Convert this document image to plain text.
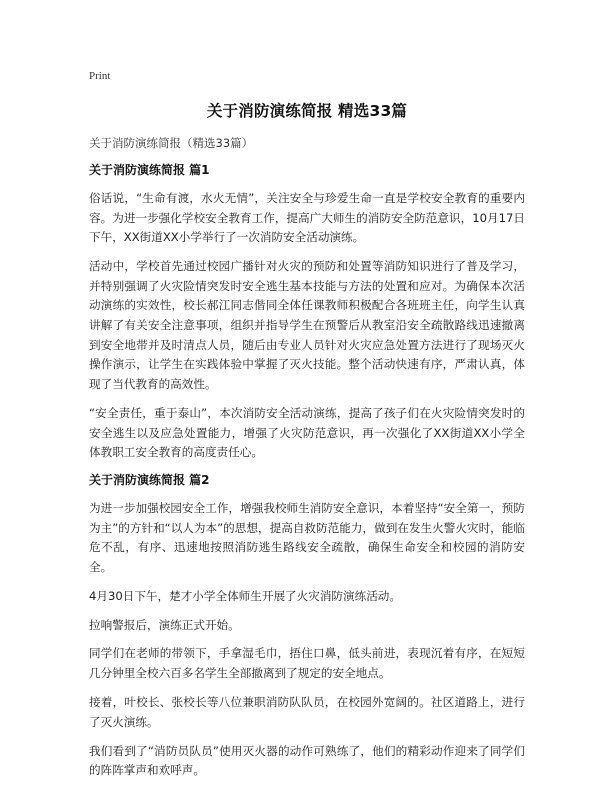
Print
关于消防演练简报 精选33篇
关于消防演练简报（精选33篇）
关于消防演练简报 篇1

俗话说，“生命有渡，水火无情”，关注安全与珍爱生命一直是学校安全教育的重要内容。为进一步强化学校安全教育工作，提高广大师生的消防安全防范意识，10月17日下午，XX街道XX小学举行了一次消防安全活动演练。

活动中，学校首先通过校园广播针对火灾的预防和处置等消防知识进行了普及学习，并特别强调了火灾险情突发时安全逃生基本技能与方法的处置和应对。为确保本次活动演练的实效性，校长郝江同志偕同全体任课教师积极配合各班班主任，向学生认真讲解了有关安全注意事项，组织并指导学生在预警后从教室沿安全疏散路线迅速撤离到安全地带并及时清点人员，随后由专业人员针对火灾应急处置方法进行了现场灭火操作演示，让学生在实践体验中掌握了灭火技能。整个活动快速有序，严肃认真，体现了当代教育的高效性。

“安全责任，重于泰山”，本次消防安全活动演练，提高了孩子们在火灾险情突发时的安全逃生以及应急处置能力，增强了火灾防范意识，再一次强化了XX街道XX小学全体教职工安全教育的高度责任心。

关于消防演练简报 篇2

为进一步加强校园安全工作，增强我校师生消防安全意识，本着坚持“安全第一，预防为主”的方针和“以人为本”的思想，提高自救防范能力，做到在发生火警火灾时，能临危不乱，有序、迅速地按照消防逃生路线安全疏散，确保生命安全和校园的消防安全。

4月30日下午，楚才小学全体师生开展了火灾消防演练活动。

拉响警报后，演练正式开始。

同学们在老师的带领下，手拿湿毛巾，捂住口鼻，低头前进，表现沉着有序，在短短几分钟里全校六百多名学生全部撤离到了规定的安全地点。

接着，叶校长、张校长等八位兼职消防队队员，在校园外宽阔的。社区道路上，进行了灭火演练。

我们看到了“消防员队员”使用灭火器的动作可熟练了，他们的精彩动作迎来了同学们的阵阵掌声和欢呼声。
